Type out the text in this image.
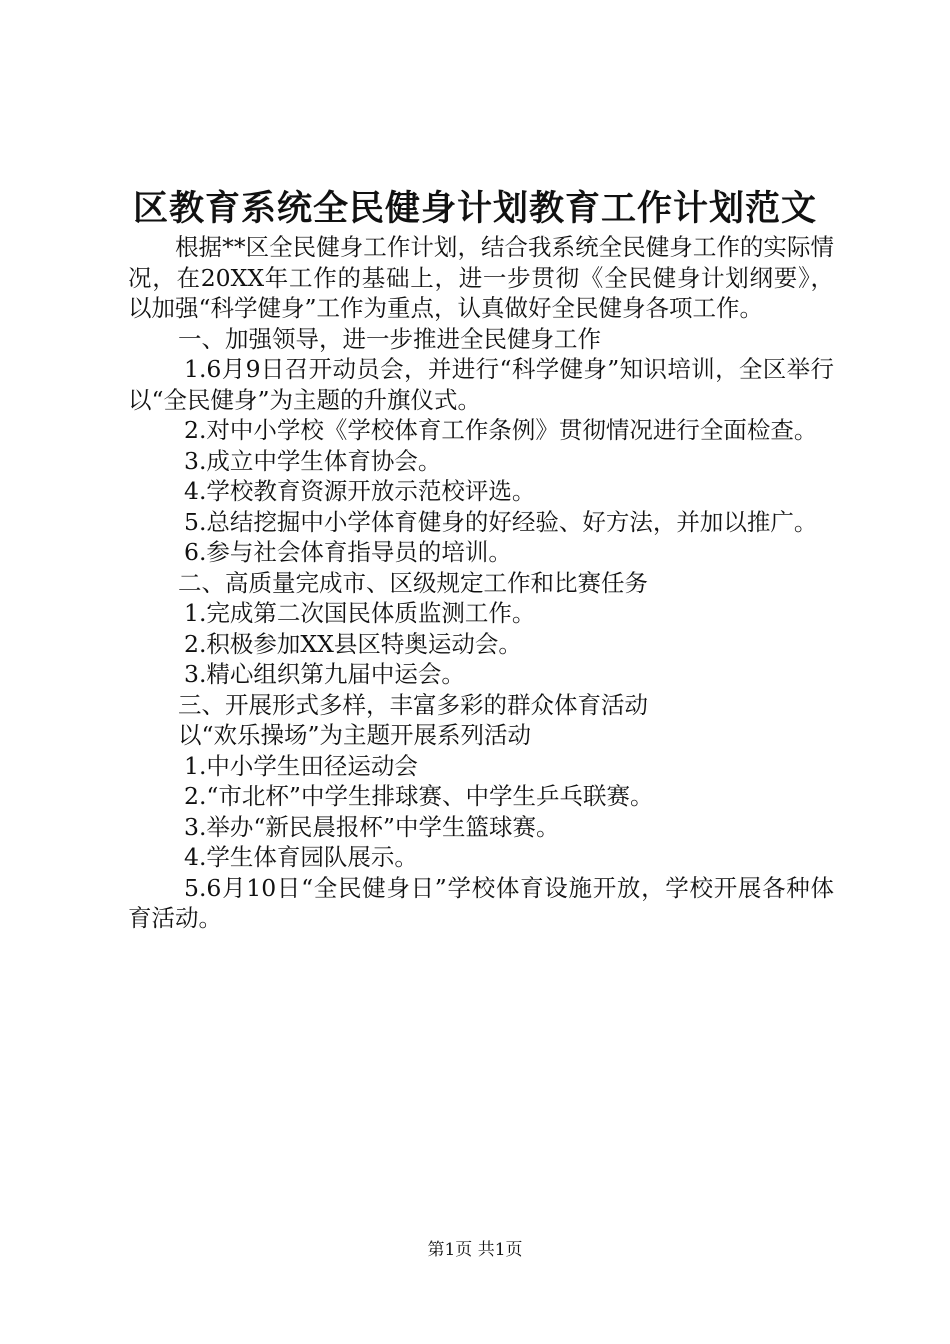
区教育系统全民健身计划教育工作计划范文

根据**区全民健身工作计划，结合我系统全民健身工作的实际情况，在20XX年工作的基础上，进一步贯彻《全民健身计划纲要》，以加强“科学健身”工作为重点，认真做好全民健身各项工作。

一、加强领导，进一步推进全民健身工作

1.6月9日召开动员会，并进行“科学健身”知识培训，全区举行以“全民健身”为主题的升旗仪式。

2.对中小学校《学校体育工作条例》贯彻情况进行全面检查。

3.成立中学生体育协会。

4.学校教育资源开放示范校评选。

5.总结挖掘中小学体育健身的好经验、好方法，并加以推广。

6.参与社会体育指导员的培训。

二、高质量完成市、区级规定工作和比赛任务

1.完成第二次国民体质监测工作。

2.积极参加XX县区特奥运动会。

3.精心组织第九届中运会。

三、开展形式多样，丰富多彩的群众体育活动

以“欢乐操场”为主题开展系列活动

1.中小学生田径运动会

2.“市北杯”中学生排球赛、中学生乒乓联赛。

3.举办“新民晨报杯”中学生篮球赛。

4.学生体育园队展示。

5.6月10日“全民健身日”学校体育设施开放，学校开展各种体育活动。

第1页 共1页
